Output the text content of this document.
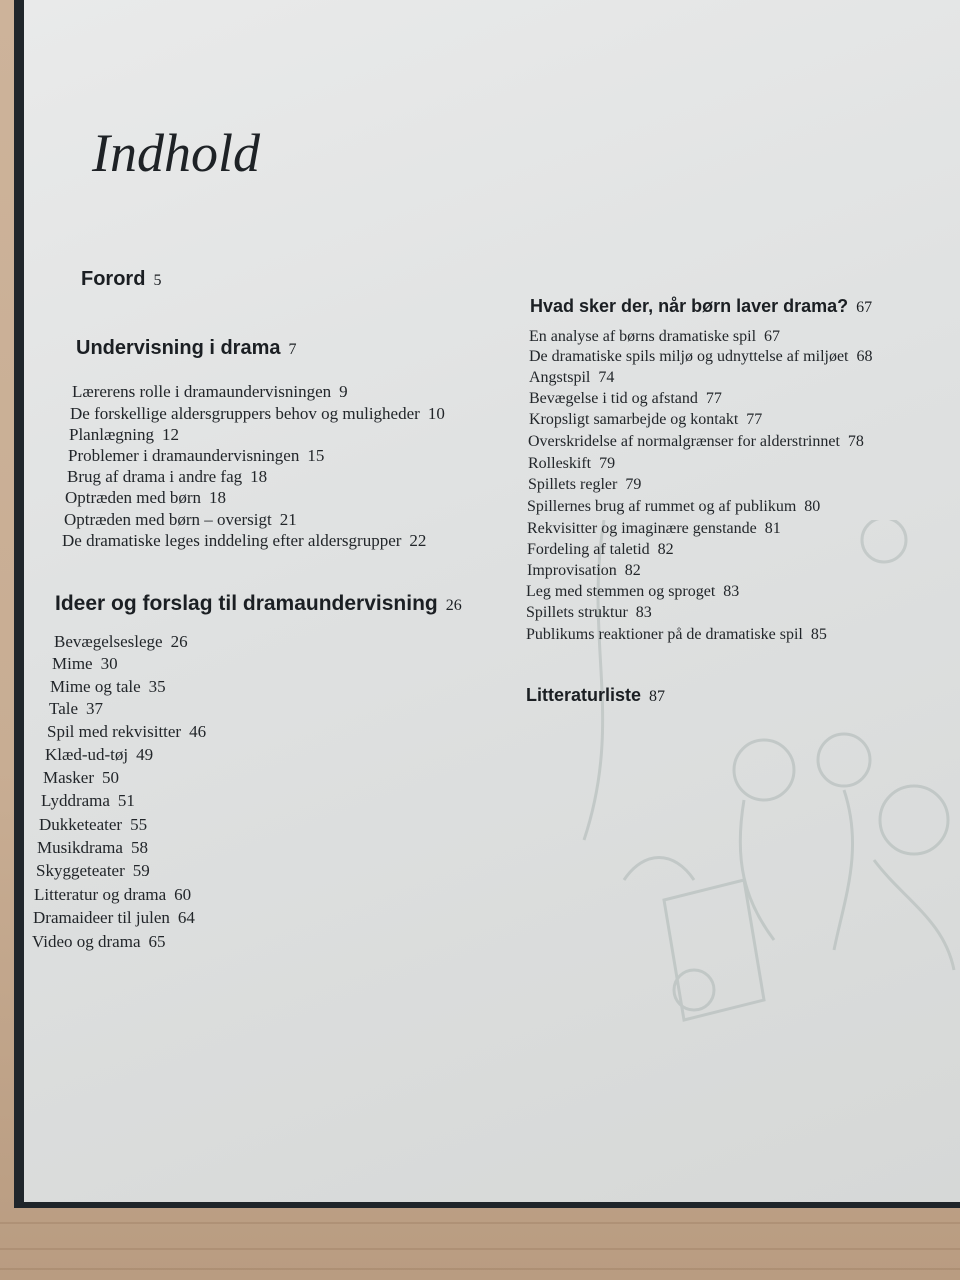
Indhold
Forord 5
Undervisning i drama 7
Lærerens rolle i dramaundervisningen 9
De forskellige aldersgruppers behov og muligheder 10
Planlægning 12
Problemer i dramaundervisningen 15
Brug af drama i andre fag 18
Optræden med børn 18
Optræden med børn – oversigt 21
De dramatiske leges inddeling efter aldersgrupper 22
Ideer og forslag til dramaundervisning 26
Bevægelseslege 26
Mime 30
Mime og tale 35
Tale 37
Spil med rekvisitter 46
Klæd-ud-tøj 49
Masker 50
Lyddrama 51
Dukketeater 55
Musikdrama 58
Skyggeteater 59
Litteratur og drama 60
Dramaideer til julen 64
Video og drama 65
Hvad sker der, når børn laver drama? 67
En analyse af børns dramatiske spil 67
De dramatiske spils miljø og udnyttelse af miljøet 68
Angstspil 74
Bevægelse i tid og afstand 77
Kropsligt samarbejde og kontakt 77
Overskridelse af normalgrænser for alderstrinnet 78
Rolleskift 79
Spillets regler 79
Spillernes brug af rummet og af publikum 80
Rekvisitter og imaginære genstande 81
Fordeling af taletid 82
Improvisation 82
Leg med stemmen og sproget 83
Spillets struktur 83
Publikums reaktioner på de dramatiske spil 85
Litteraturliste 87
